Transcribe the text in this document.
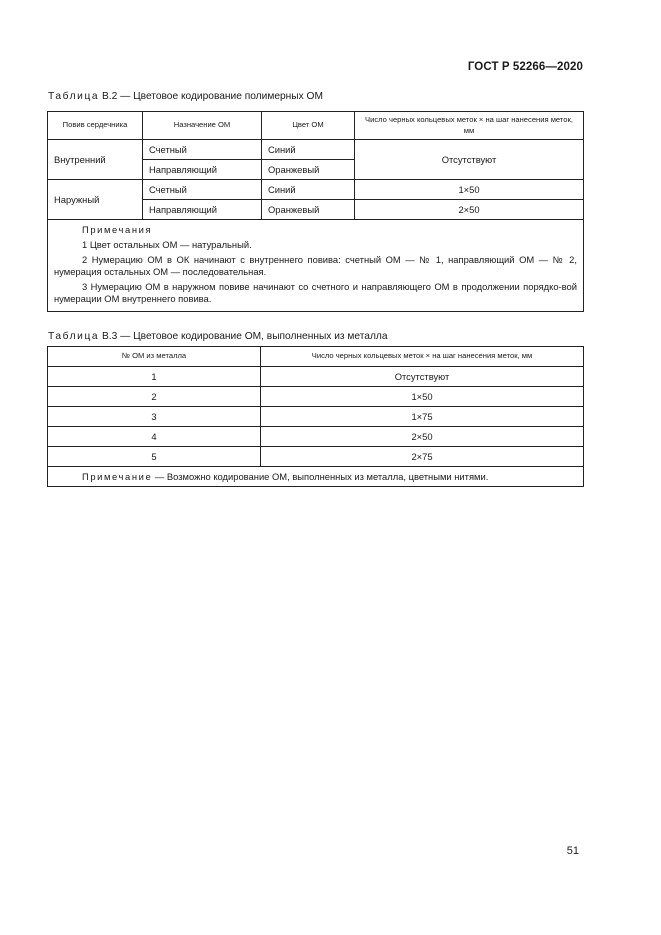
ГОСТ Р 52266—2020
Таблица В.2 — Цветовое кодирование полимерных ОМ
Повив сердечника	Назначение ОМ	Цвет ОМ	Число черных кольцевых меток × на шаг нанесения меток, мм
Внутренний	Счетный	Синий	Отсутствуют
	Направляющий	Оранжевый	
Наружный	Счетный	Синий	1×50
	Направляющий	Оранжевый	2×50

Примечания
1 Цвет остальных ОМ — натуральный.
2 Нумерацию ОМ в ОК начинают с внутреннего повива: счетный ОМ — № 1, направляющий ОМ — № 2, нумерация остальных ОМ — последовательная.
3 Нумерацию ОМ в наружном повиве начинают со счетного и направляющего ОМ в продолжении порядко-вой нумерации ОМ внутреннего повива.			
Таблица В.3 — Цветовое кодирование ОМ, выполненных из металла
№ ОМ из металла	Число черных кольцевых меток × на шаг нанесения меток, мм
1	Отсутствуют
2	1×50
3	1×75
4	2×50
5	2×75
Примечание — Возможно кодирование ОМ, выполненных из металла, цветными нитями.	
51
